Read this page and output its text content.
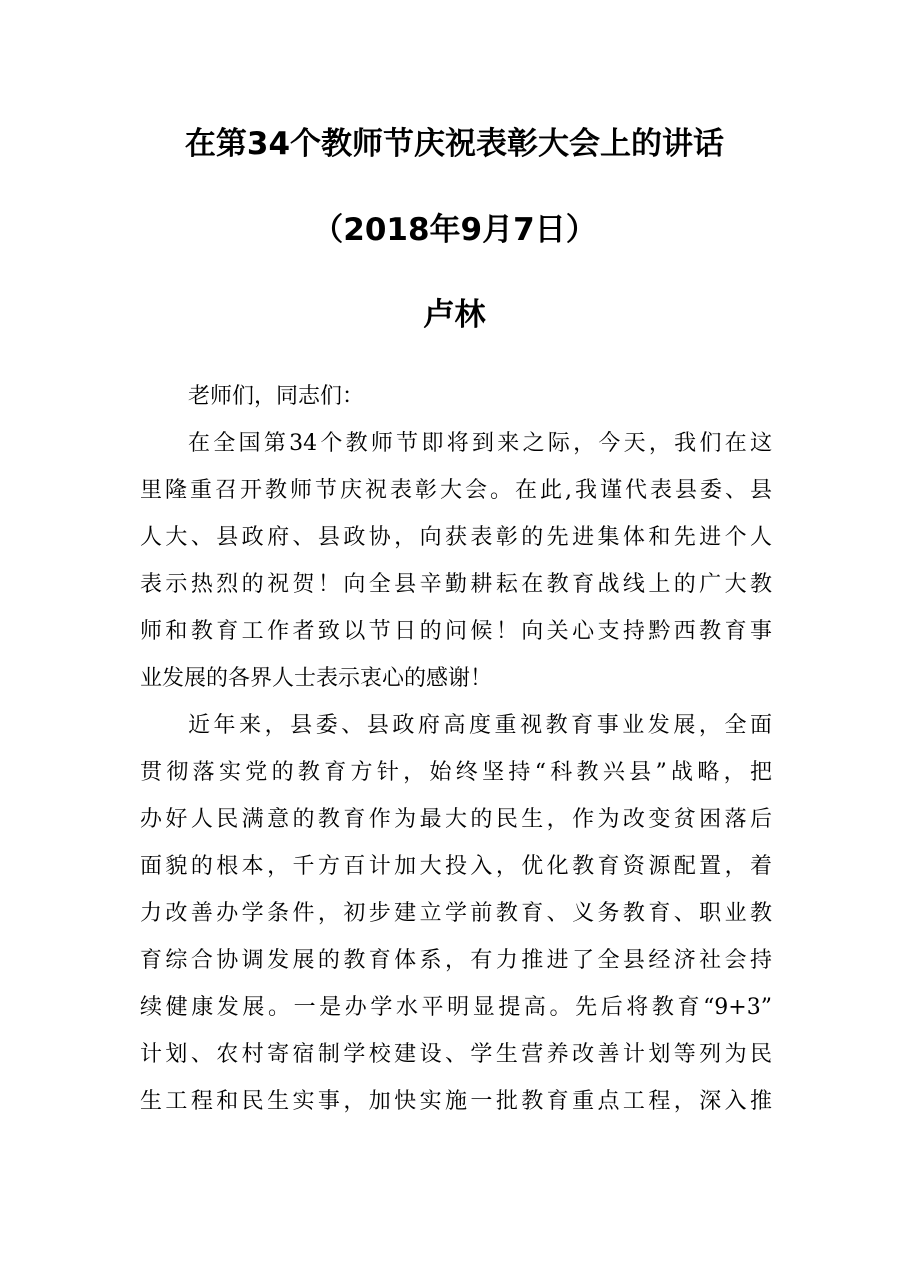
在第34个教师节庆祝表彰大会上的讲话
（2018年9月7日）
卢林

老师们，同志们：

在全国第34个教师节即将到来之际，今天，我们在这
里隆重召开教师节庆祝表彰大会。在此,我谨代表县委、县
人大、县政府、县政协，向获表彰的先进集体和先进个人
表示热烈的祝贺！向全县辛勤耕耘在教育战线上的广大教
师和教育工作者致以节日的问候！向关心支持黔西教育事
业发展的各界人士表示衷心的感谢！
近年来，县委、县政府高度重视教育事业发展，全面
贯彻落实党的教育方针，始终坚持“科教兴县”战略，把
办好人民满意的教育作为最大的民生，作为改变贫困落后
面貌的根本，千方百计加大投入，优化教育资源配置，着
力改善办学条件，初步建立学前教育、义务教育、职业教
育综合协调发展的教育体系，有力推进了全县经济社会持
续健康发展。一是办学水平明显提高。先后将教育“9+3”
计划、农村寄宿制学校建设、学生营养改善计划等列为民
生工程和民生实事，加快实施一批教育重点工程，深入推
